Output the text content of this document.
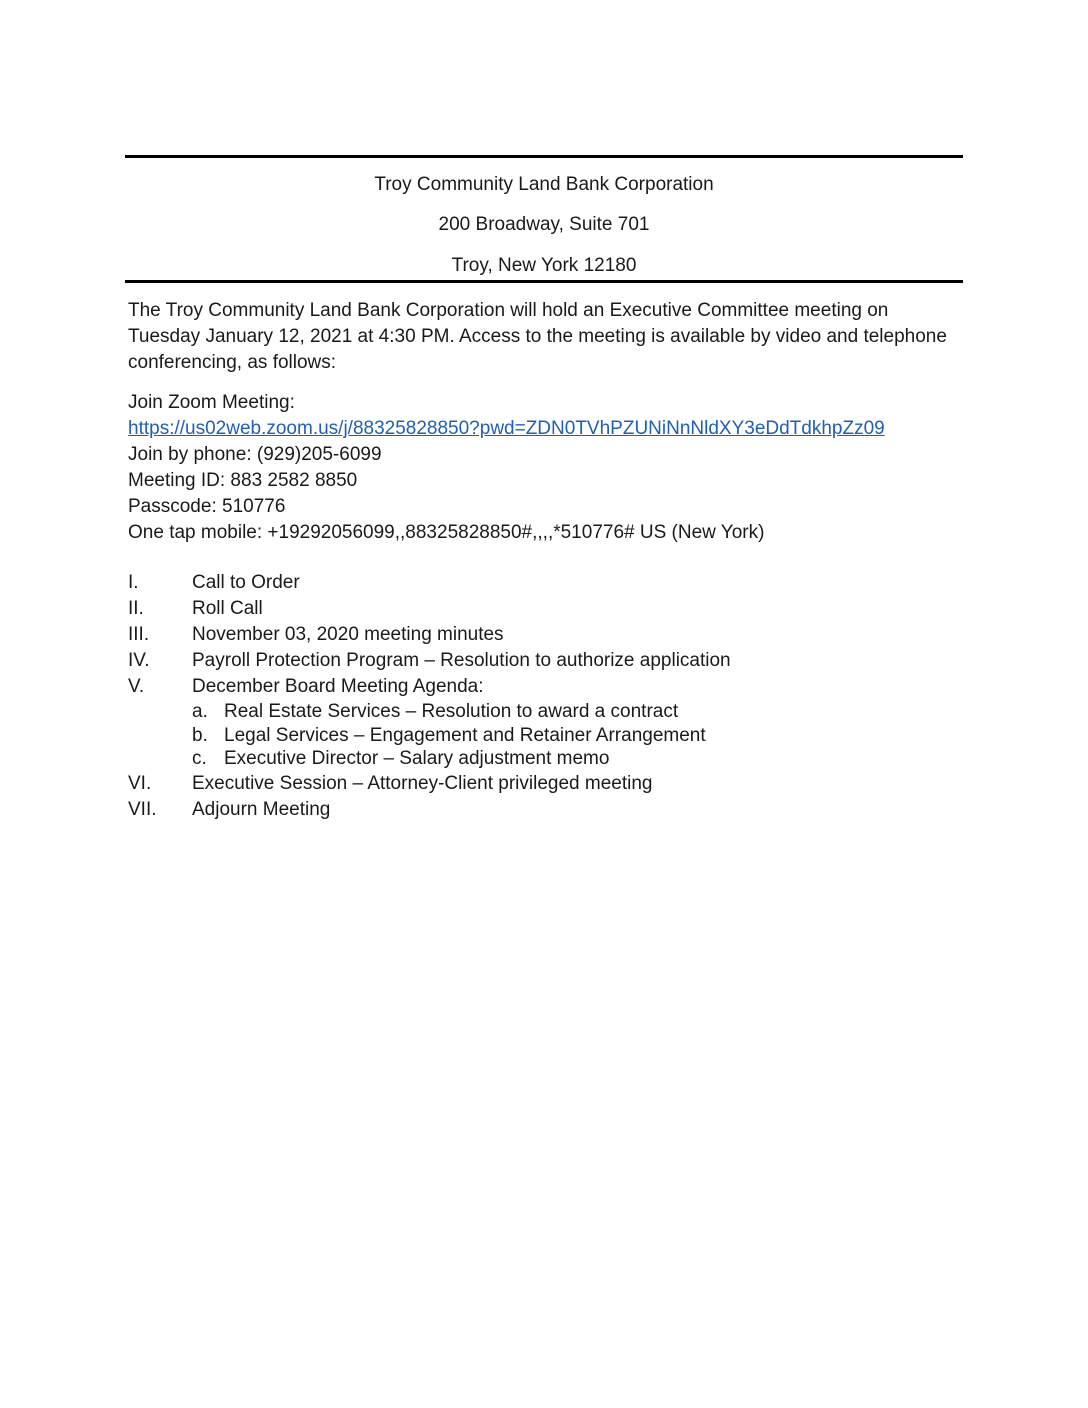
Troy Community Land Bank Corporation
200 Broadway, Suite 701
Troy, New York 12180

The Troy Community Land Bank Corporation will hold an Executive Committee meeting on Tuesday January 12, 2021 at 4:30 PM. Access to the meeting is available by video and telephone conferencing, as follows:

Join Zoom Meeting:
https://us02web.zoom.us/j/88325828850?pwd=ZDN0TVhPZUNiNnNldXY3eDdTdkhpZz09
Join by phone: (929)205-6099
Meeting ID: 883 2582 8850
Passcode: 510776
One tap mobile: +19292056099,,88325828850#,,,,*510776# US (New York)
I.	Call to Order
II.	Roll Call
III.	November 03, 2020 meeting minutes
IV.	Payroll Protection Program – Resolution to authorize application
V.	December Board Meeting Agenda:
a. Real Estate Services – Resolution to award a contract
b. Legal Services – Engagement and Retainer Arrangement
c. Executive Director – Salary adjustment memo
VI.	Executive Session – Attorney-Client privileged meeting
VII.	Adjourn Meeting
